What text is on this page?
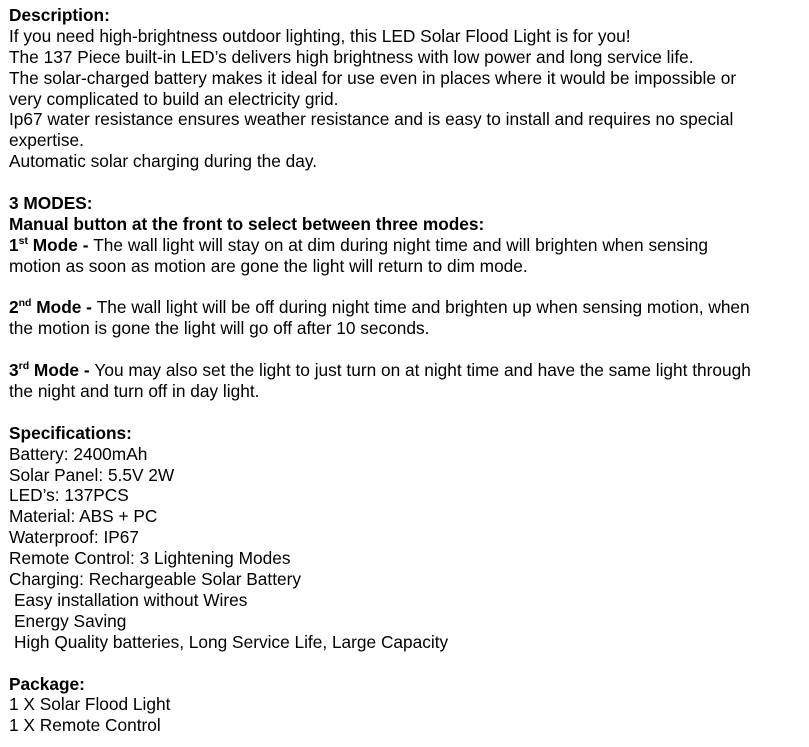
Description:
If you need high-brightness outdoor lighting, this LED Solar Flood Light is for you!
The 137 Piece built-in LED’s delivers high brightness with low power and long service life.
The solar-charged battery makes it ideal for use even in places where it would be impossible or
very complicated to build an electricity grid.
Ip67 water resistance ensures weather resistance and is easy to install and requires no special
expertise.
Automatic solar charging during the day.
3 MODES:
Manual button at the front to select between three modes:
1st Mode - The wall light will stay on at dim during night time and will brighten when sensing
motion as soon as motion are gone the light will return to dim mode.
2nd Mode - The wall light will be off during night time and brighten up when sensing motion, when
the motion is gone the light will go off after 10 seconds.
3rd Mode - You may also set the light to just turn on at night time and have the same light through
the night and turn off in day light.
Specifications:
Battery: 2400mAh
Solar Panel: 5.5V 2W
LED’s: 137PCS
Material: ABS + PC
Waterproof: IP67
Remote Control: 3 Lightening Modes
Charging: Rechargeable Solar Battery
Easy installation without Wires
Energy Saving
High Quality batteries, Long Service Life, Large Capacity
Package:
1 X Solar Flood Light
1 X Remote Control
